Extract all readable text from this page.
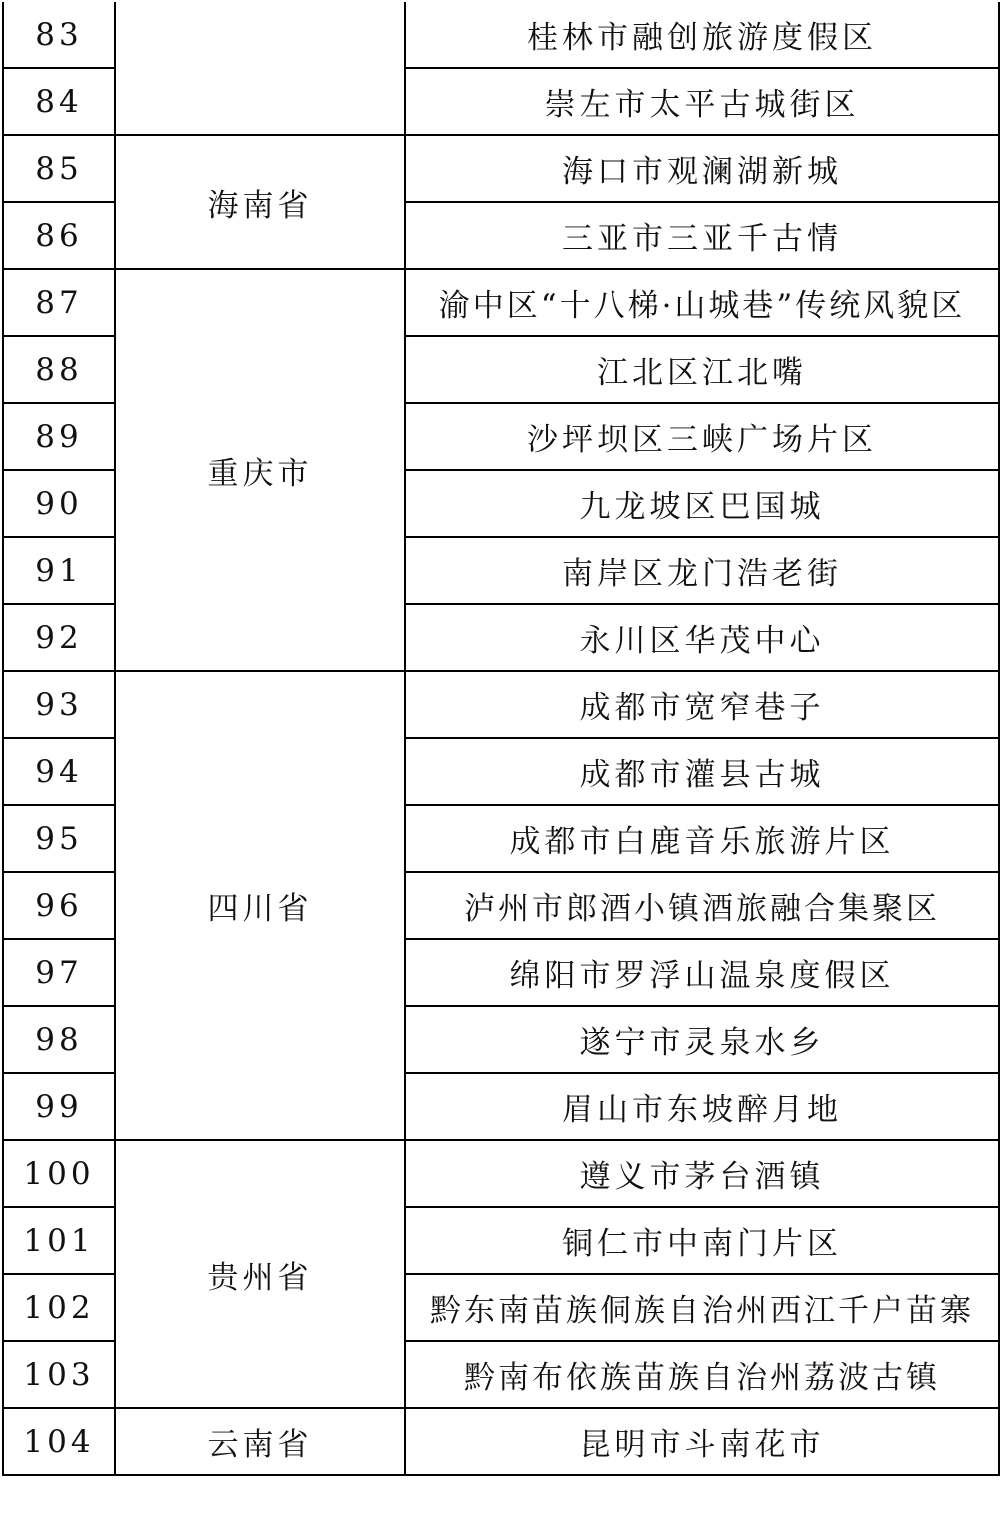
83		桂林市融创旅游度假区
84		崇左市太平古城街区
85	海南省	海口市观澜湖新城
86		三亚市三亚千古情
87	重庆市	渝中区“十八梯·山城巷”传统风貌区
88		江北区江北嘴
89		沙坪坝区三峡广场片区
90		九龙坡区巴国城
91		南岸区龙门浩老街
92		永川区华茂中心
93	四川省	成都市宽窄巷子
94		成都市灌县古城
95		成都市白鹿音乐旅游片区
96		泸州市郎酒小镇酒旅融合集聚区
97		绵阳市罗浮山温泉度假区
98		遂宁市灵泉水乡
99		眉山市东坡醉月地
100	贵州省	遵义市茅台酒镇
101		铜仁市中南门片区
102		黔东南苗族侗族自治州西江千户苗寨
103		黔南布依族苗族自治州荔波古镇
104	云南省	昆明市斗南花市
